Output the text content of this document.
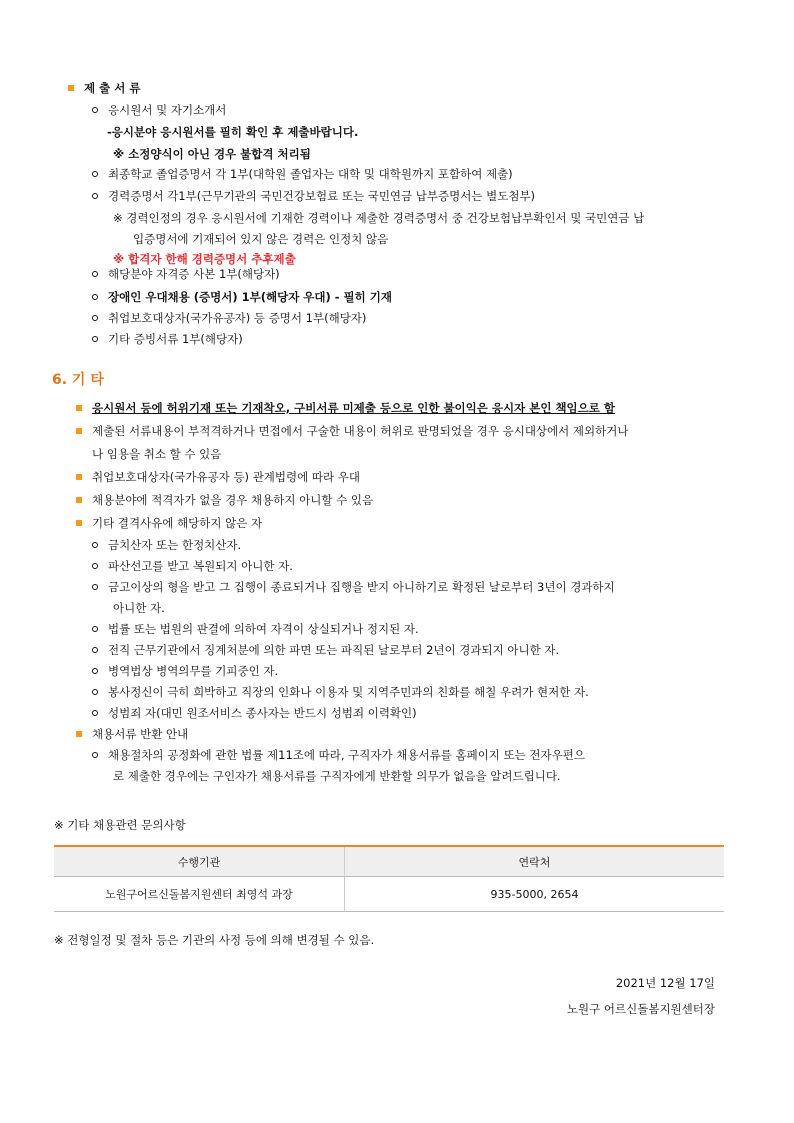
제 출 서 류
응시원서 및 자기소개서
-응시분야 응시원서를 필히 확인 후 제출바랍니다.
※ 소정양식이 아닌 경우 불합격 처리됨
최종학교 졸업증명서 각 1부(대학원 졸업자는 대학 및 대학원까지 포함하여 제출)
경력증명서 각1부(근무기관의 국민건강보험료 또는 국민연금 납부증명서는 별도첨부)
※ 경력인정의 경우 응시원서에 기재한 경력이나 제출한 경력증명서 중 건강보험납부확인서 및 국민연금 납
입증명서에 기재되어 있지 않은 경력은 인정치 않음
※ 합격자 한해 경력증명서 추후제출
해당분야 자격증 사본 1부(해당자)
장애인 우대채용 (증명서) 1부(해당자 우대) - 필히 기재
취업보호대상자(국가유공자) 등 증명서 1부(해당자)
기타 증빙서류 1부(해당자)
6. 기 타
응시원서 등에 허위기재 또는 기재착오, 구비서류 미제출 등으로 인한 불이익은 응시자 본인 책임으로 함
제출된 서류내용이 부적격하거나 면접에서 구술한 내용이 허위로 판명되었을 경우 응시대상에서 제외하거나
나 임용을 취소 할 수 있음
취업보호대상자(국가유공자 등) 관계법령에 따라 우대
채용분야에 적격자가 없을 경우 채용하지 아니할 수 있음
기타 결격사유에 해당하지 않은 자
금치산자 또는 한정치산자.
파산선고를 받고 복원되지 아니한 자.
금고이상의 형을 받고 그 집행이 종료되거나 집행을 받지 아니하기로 확정된 날로부터 3년이 경과하지
아니한 자.
법률 또는 법원의 판결에 의하여 자격이 상실되거나 정지된 자.
전직 근무기관에서 징계처분에 의한 파면 또는 파직된 날로부터 2년이 경과되지 아니한 자.
병역법상 병역의무를 기피중인 자.
봉사정신이 극히 희박하고 직장의 인화나 이용자 및 지역주민과의 친화를 해칠 우려가 현저한 자.
성범죄 자(대민 원조서비스 종사자는 반드시 성범죄 이력확인)
채용서류 반환 안내
채용절차의 공정화에 관한 법률 제11조에 따라, 구직자가 채용서류를 홈페이지 또는 전자우편으
로 제출한 경우에는 구인자가 채용서류를 구직자에게 반환할 의무가 없음을 알려드립니다.
※ 기타 채용관련 문의사항
수행기관	연락처
노원구어르신돌봄지원센터 최영석 과장	935-5000, 2654
※ 전형일정 및 절차 등은 기관의 사정 등에 의해 변경될 수 있음.
2021년 12월 17일
노원구 어르신돌봄지원센터장
